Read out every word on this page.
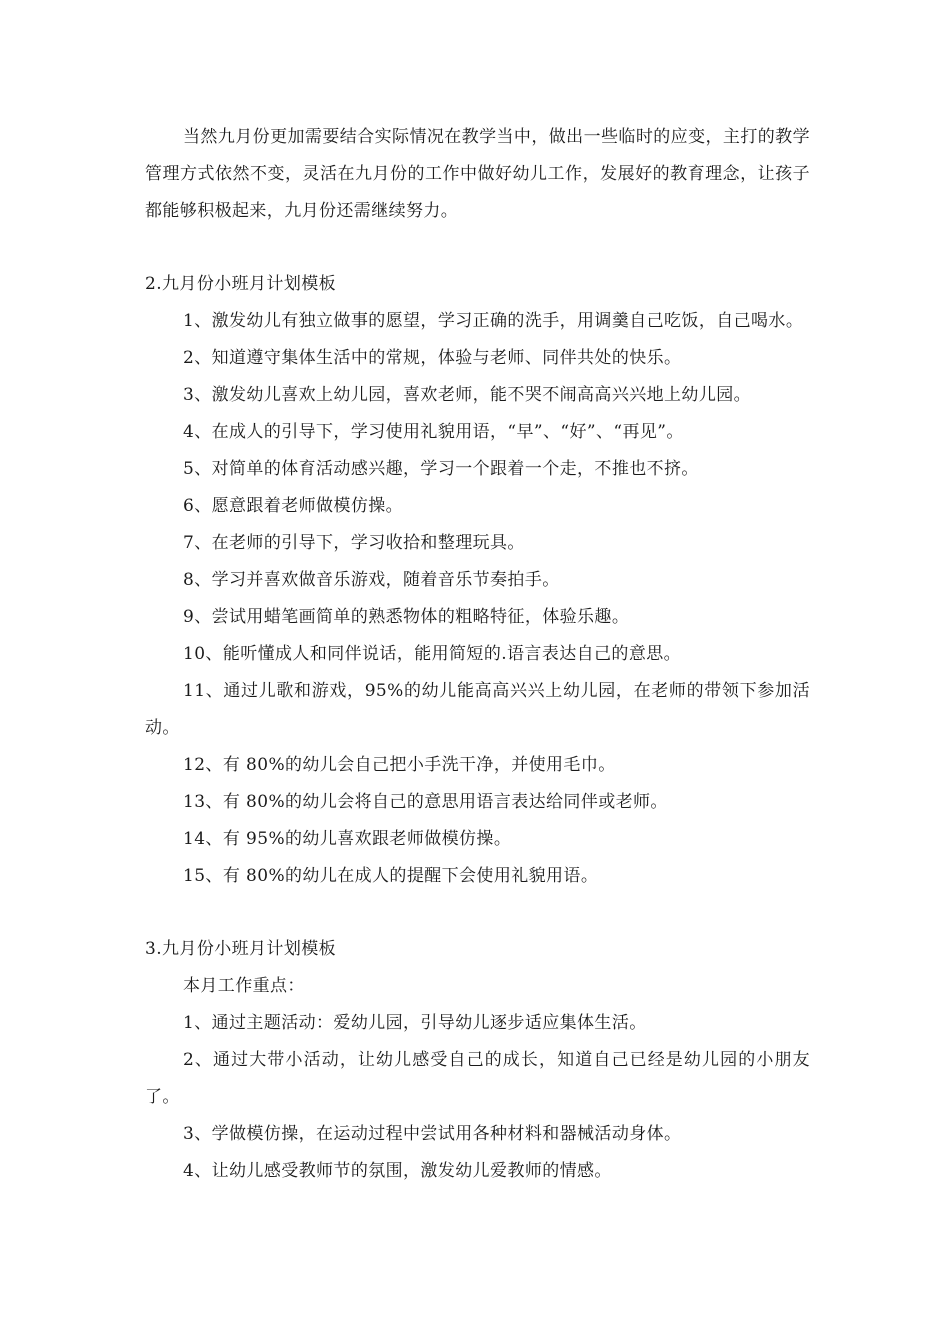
当然九月份更加需要结合实际情况在教学当中，做出一些临时的应变，主打的教学管理方式依然不变，灵活在九月份的工作中做好幼儿工作，发展好的教育理念，让孩子都能够积极起来，九月份还需继续努力。

2.九月份小班月计划模板

1、激发幼儿有独立做事的愿望，学习正确的洗手，用调羹自己吃饭，自己喝水。

2、知道遵守集体生活中的常规，体验与老师、同伴共处的快乐。

3、激发幼儿喜欢上幼儿园，喜欢老师，能不哭不闹高高兴兴地上幼儿园。

4、在成人的引导下，学习使用礼貌用语，“早”、“好”、“再见”。

5、对简单的体育活动感兴趣，学习一个跟着一个走，不推也不挤。

6、愿意跟着老师做模仿操。

7、在老师的引导下，学习收拾和整理玩具。

8、学习并喜欢做音乐游戏，随着音乐节奏拍手。

9、尝试用蜡笔画简单的熟悉物体的粗略特征，体验乐趣。

10、能听懂成人和同伴说话，能用简短的.语言表达自己的意思。

11、通过儿歌和游戏，95%的幼儿能高高兴兴上幼儿园，在老师的带领下参加活动。

12、有 80%的幼儿会自己把小手洗干净，并使用毛巾。

13、有 80%的幼儿会将自己的意思用语言表达给同伴或老师。

14、有 95%的幼儿喜欢跟老师做模仿操。

15、有 80%的幼儿在成人的提醒下会使用礼貌用语。

3.九月份小班月计划模板

本月工作重点：

1、通过主题活动：爱幼儿园，引导幼儿逐步适应集体生活。

2、通过大带小活动，让幼儿感受自己的成长，知道自己已经是幼儿园的小朋友了。

3、学做模仿操，在运动过程中尝试用各种材料和器械活动身体。

4、让幼儿感受教师节的氛围，激发幼儿爱教师的情感。
